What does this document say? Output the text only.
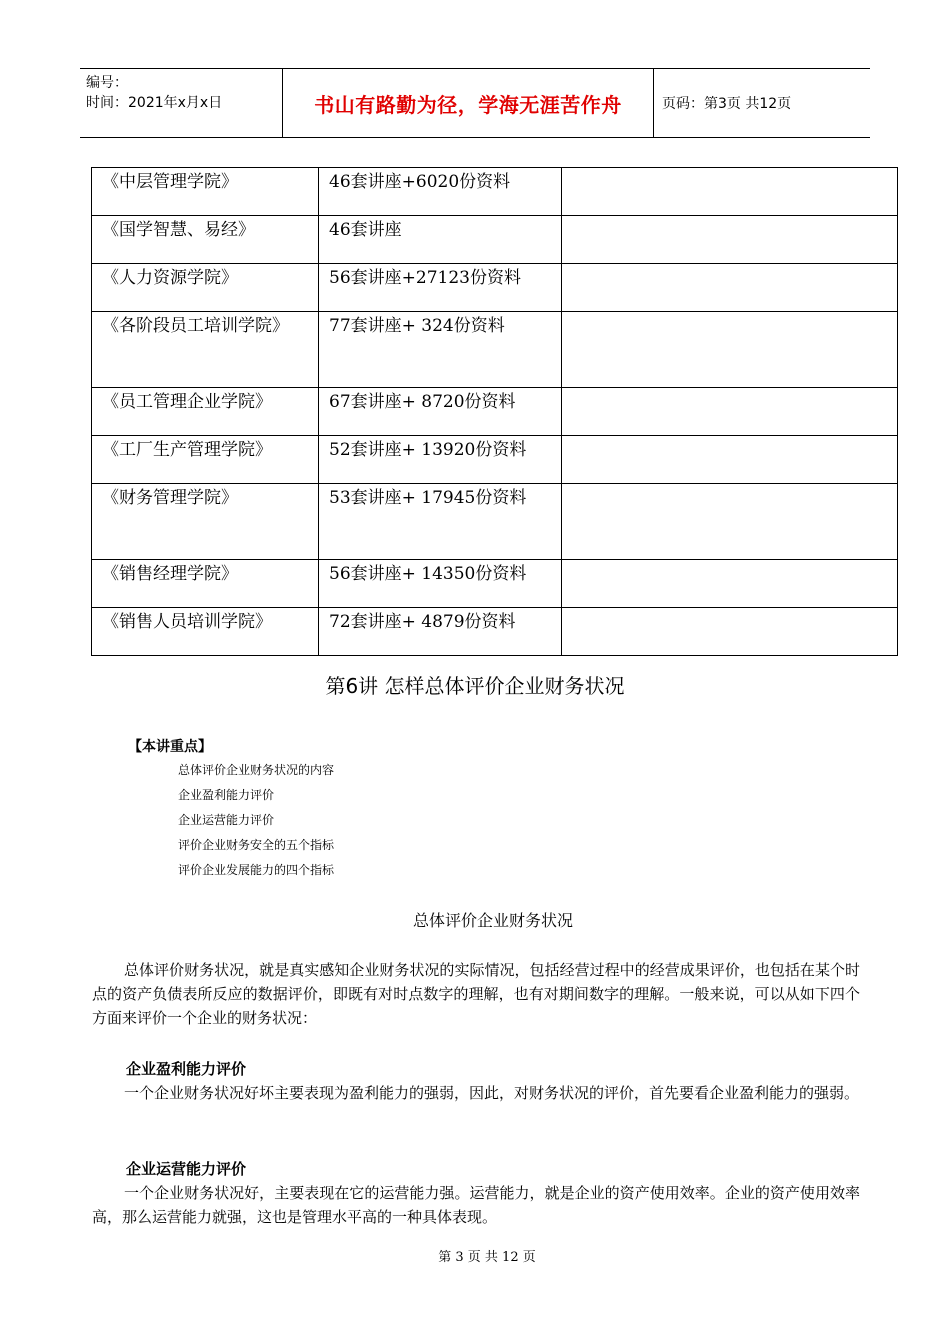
编号：
时间：2021年x月x日	书山有路勤为径，学海无涯苦作舟	页码：第3页 共12页
《中层管理学院》	46套讲座+6020份资料	

《国学智慧、易经》	46套讲座	

《人力资源学院》	56套讲座+27123份资料	

《各阶段员工培训学院》	77套讲座+ 324份资料	

《员工管理企业学院》	67套讲座+ 8720份资料	

《工厂生产管理学院》	52套讲座+ 13920份资料	

《财务管理学院》	53套讲座+ 17945份资料	

《销售经理学院》	56套讲座+ 14350份资料	

《销售人员培训学院》	72套讲座+ 4879份资料	

第6讲 怎样总体评价企业财务状况
【本讲重点】
总体评价企业财务状况的内容
企业盈利能力评价
企业运营能力评价
评价企业财务安全的五个指标
评价企业发展能力的四个指标
总体评价企业财务状况

总体评价财务状况，就是真实感知企业财务状况的实际情况，包括经营过程中的经营成果评价，也包括在某个时点的资产负债表所反应的数据评价，即既有对时点数字的理解，也有对期间数字的理解。一般来说，可以从如下四个方面来评价一个企业的财务状况：

企业盈利能力评价

一个企业财务状况好坏主要表现为盈利能力的强弱，因此，对财务状况的评价，首先要看企业盈利能力的强弱。

企业运营能力评价

一个企业财务状况好，主要表现在它的运营能力强。运营能力，就是企业的资产使用效率。企业的资产使用效率高，那么运营能力就强，这也是管理水平高的一种具体表现。

第 3 页 共 12 页
